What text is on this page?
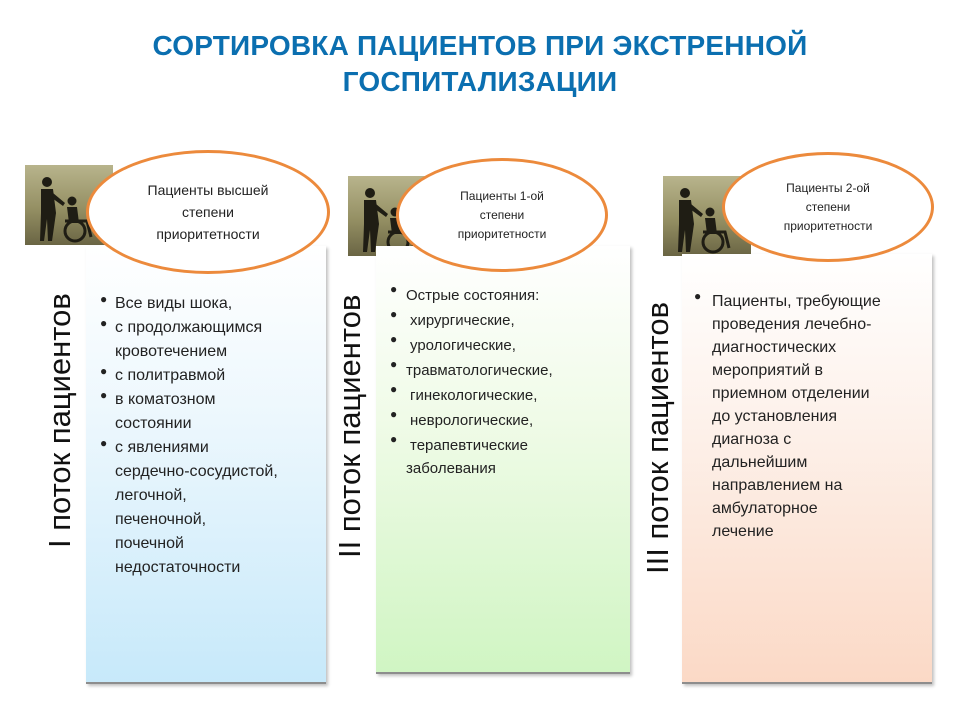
СОРТИРОВКА ПАЦИЕНТОВ ПРИ ЭКСТРЕННОЙ
ГОСПИТАЛИЗАЦИИ
I поток пациентов
Пациенты высшей
степени
приоритетности
● Все виды шока,
● с продолжающимся
кровотечением
● с политравмой
● в коматозном
состоянии
● с явлениями
сердечно-сосудистой,
легочной,
печеночной,
почечной
недостаточности
II поток пациентов
Пациенты 1-ой
степени
приоритетности
● Острые состояния:
● хирургические,
● урологические,
● травматологические,
● гинекологические,
● неврологические,
● терапевтические
заболевания	III поток пациентов
Пациенты 2-ой
степени
приоритетности
● Пациенты, требующие
проведения лечебно-
диагностических
мероприятий в
приемном отделении
до установления
диагноза с
дальнейшим
направлением на
амбулаторное
лечение
